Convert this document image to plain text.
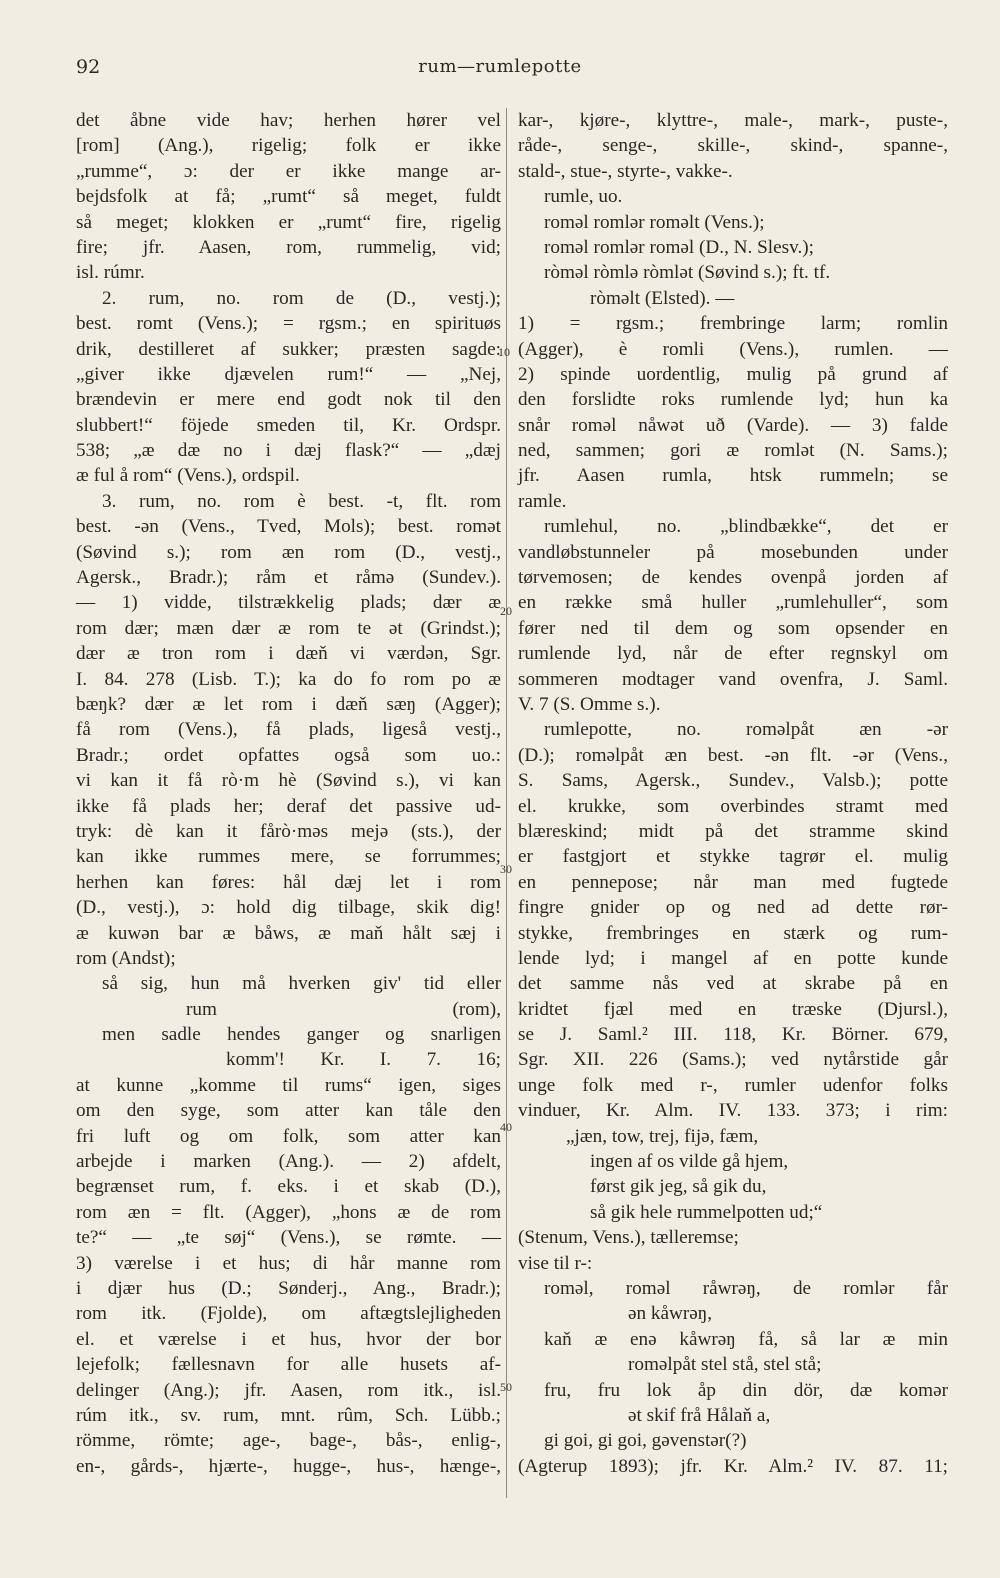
92	rum—rumlepotte
det åbne vide hav; herhen hører vel
[rom] (Ang.), rigelig; folk er ikke
„rumme“, ɔ: der er ikke mange ar-
bejdsfolk at få; „rumt“ så meget, fuldt
så meget; klokken er „rumt“ fire, rigelig
fire; jfr. Aasen, rom, rummelig, vid;
isl. rúmr.
2. rum, no. rom de (D., vestj.);
best. romt (Vens.); = rgsm.; en spirituøs
drik, destilleret af sukker; præsten sagde:
„giver ikke djævelen rum!“ — „Nej,
brændevin er mere end godt nok til den
slubbert!“ föjede smeden til, Kr. Ordspr.
538; „æ dæ no i dæj flask?“ — „dæj
æ ful å rom“ (Vens.), ordspil.
3. rum, no. rom è best. -t, flt. rom
best. -ən (Vens., Tved, Mols); best. romət
(Søvind s.); rom æn rom (D., vestj.,
Agersk., Bradr.); råm et råmə (Sundev.).
— 1) vidde, tilstrækkelig plads; dær æ
rom dær; mæn dær æ rom te ət (Grindst.);
dær æ tron rom i dæň vi værdən, Sgr.
I. 84. 278 (Lisb. T.); ka do fo rom po æ
bæŋk? dær æ let rom i dæň sæŋ (Agger);
få rom (Vens.), få plads, ligeså vestj.,
Bradr.; ordet opfattes også som uo.:
vi kan it få rò·m hè (Søvind s.), vi kan
ikke få plads her; deraf det passive ud-
tryk: dè kan it fårò·məs mejə (sts.), der
kan ikke rummes mere, se forrummes;
herhen kan føres: hål dæj let i rom
(D., vestj.), ɔ: hold dig tilbage, skik dig!
æ kuwən bar æ båws, æ maň hålt sæj i
rom (Andst);
så sig, hun må hverken giv' tid eller
rum (rom),
men sadle hendes ganger og snarligen
komm'! Kr. I. 7. 16;
at kunne „komme til rums“ igen, siges
om den syge, som atter kan tåle den
fri luft og om folk, som atter kan
arbejde i marken (Ang.). — 2) afdelt,
begrænset rum, f. eks. i et skab (D.),
rom æn = flt. (Agger), „hons æ de rom
te?“ — „te søj“ (Vens.), se rømte. —
3) værelse i et hus; di hår manne rom
i djær hus (D.; Sønderj., Ang., Bradr.);
rom itk. (Fjolde), om aftægtslejligheden
el. et værelse i et hus, hvor der bor
lejefolk; fællesnavn for alle husets af-
delinger (Ang.); jfr. Aasen, rom itk., isl.
rúm itk., sv. rum, mnt. rûm, Sch. Lübb.;
römme, römte; age-, bage-, bås-, enlig-,
en-, gårds-, hjærte-, hugge-, hus-, hænge-,
kar-, kjøre-, klyttre-, male-, mark-, puste-,
råde-, senge-, skille-, skind-, spanne-,
stald-, stue-, styrte-, vakke-.
rumle, uo.
roməl romlər romәlt (Vens.);
roməl romlər romәl (D., N. Slesv.);
ròməl ròmlə ròmlət (Søvind s.); ft. tf.
ròmәlt (Elsted). —
1) = rgsm.; frembringe larm; romlin
(Agger), è romli (Vens.), rumlen. —
2) spinde uordentlig, mulig på grund af
den forslidte roks rumlende lyd; hun ka
snår roməl nåwәt uð (Varde). — 3) falde
ned, sammen; gori æ romlət (N. Sams.);
jfr. Aasen rumla, htsk rummeln; se
ramle.
rumlehul, no. „blindbække“, det er
vandløbstunneler på mosebunden under
tørvemosen; de kendes ovenpå jorden af
en række små huller „rumlehuller“, som
fører ned til dem og som opsender en
rumlende lyd, når de efter regnskyl om
sommeren modtager vand ovenfra, J. Saml.
V. 7 (S. Omme s.).
rumlepotte, no. roməlpåt æn -ər
(D.); roməlpåt æn best. -ən flt. -ər (Vens.,
S. Sams, Agersk., Sundev., Valsb.); potte
el. krukke, som overbindes stramt med
blæreskind; midt på det stramme skind
er fastgjort et stykke tagrør el. mulig
en pennepose; når man med fugtede
fingre gnider op og ned ad dette rør-
stykke, frembringes en stærk og rum-
lende lyd; i mangel af en potte kunde
det samme nås ved at skrabe på en
kridtet fjæl med en træske (Djursl.),
se J. Saml.² III. 118, Kr. Börner. 679,
Sgr. XII. 226 (Sams.); ved nytårstide går
unge folk med r-, rumler udenfor folks
vinduer, Kr. Alm. IV. 133. 373; i rim:
„jæn, tow, trej, fijə, fæm,
ingen af os vilde gå hjem,
først gik jeg, så gik du,
så gik hele rummelpotten ud;“
(Stenum, Vens.), tælleremse;
vise til r-:
roməl, roməl råwrəŋ, de romlər får
ən kåwrəŋ,
kaň æ enə kåwrəŋ få, så lar æ min
roməlpåt stel stå, stel stå;
fru, fru lok åp din dör, dæ komər
ət skif frå Hålaň a,
gi goi, gi goi, gəvenstər(?)
(Agterup 1893); jfr. Kr. Alm.² IV. 87. 11;
10
20
30
40
50
